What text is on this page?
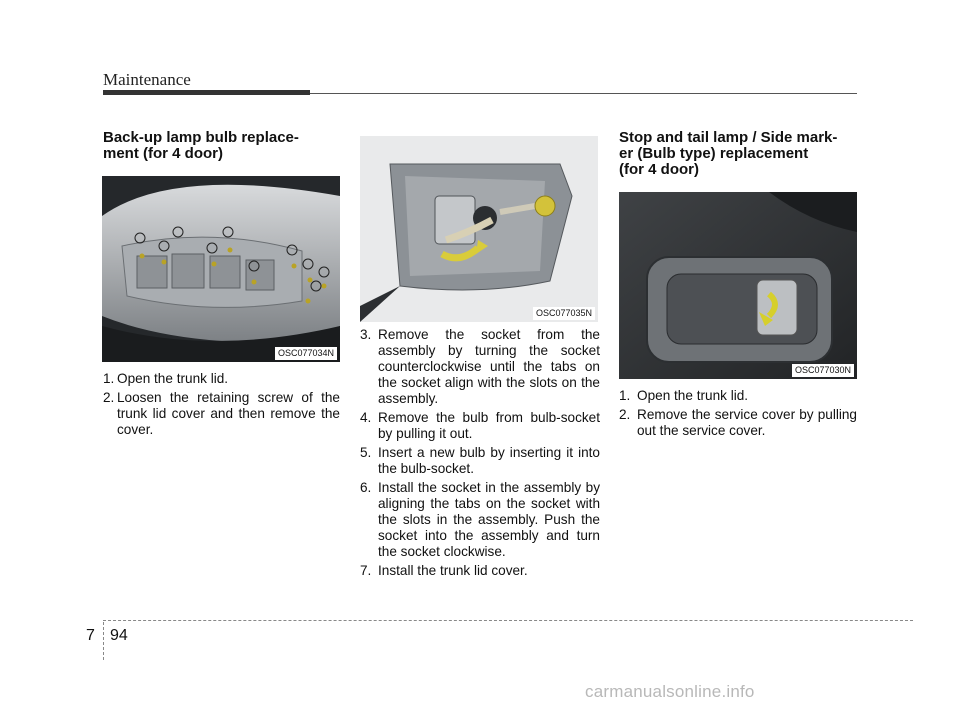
Maintenance
Back-up lamp bulb replace-
ment (for 4 door)
OSC077034N
1. Open the trunk lid.
2. Loosen the retaining screw of the trunk lid cover and then remove the cover.
OSC077035N
3. Remove the socket from the assembly by turning the socket counterclockwise until the tabs on the socket align with the slots on the assembly.
4. Remove the bulb from bulb-socket by pulling it out.
5. Insert a new bulb by inserting it into the bulb-socket.
6. Install the socket in the assembly by aligning the tabs on the socket with the slots in the assembly. Push the socket into the assembly and turn the socket clockwise.
7. Install the trunk lid cover.
Stop and tail lamp / Side mark-
er (Bulb type) replacement
(for 4 door)
OSC077030N
1. Open the trunk lid.
2. Remove the service cover by pulling out the service cover.
7 94
carmanualsonline.info
